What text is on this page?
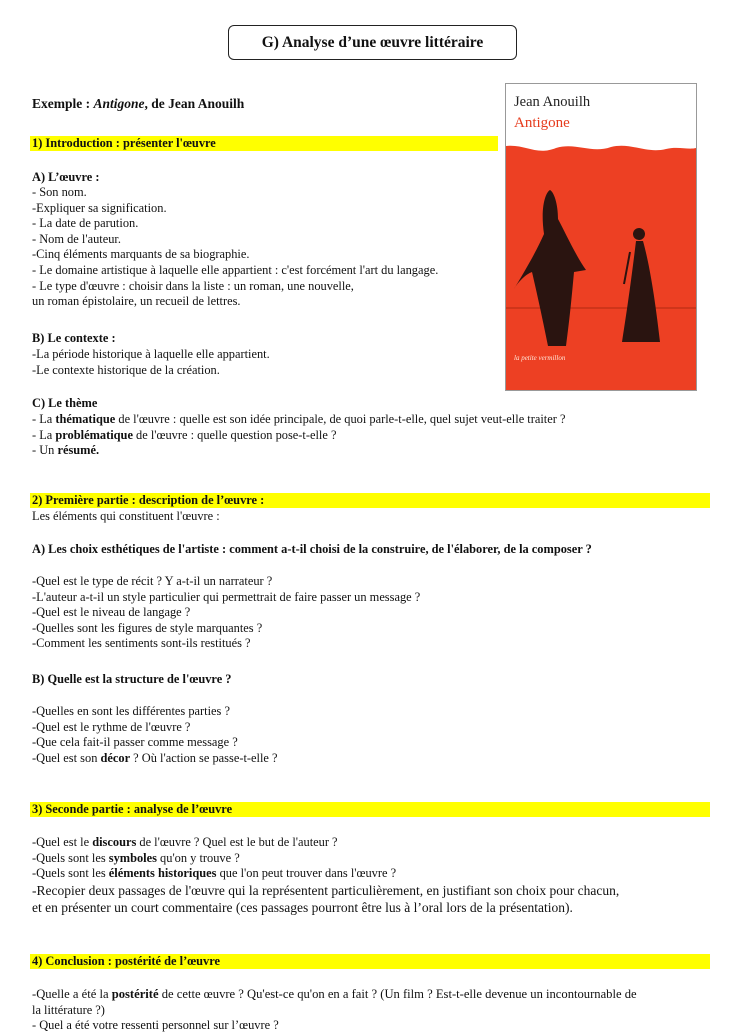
G) Analyse d’une œuvre littéraire
Exemple : Antigone, de Jean Anouilh	Jean Anouilh
Antigone
la petite vermillon
1) Introduction : présenter l'œuvre
A) L’œuvre :
- Son nom.
-Expliquer sa signification.
- La date de parution.
- Nom de l'auteur.
-Cinq éléments marquants de sa biographie.
- Le domaine artistique à laquelle elle appartient : c'est forcément l'art du langage.
- Le type d'œuvre : choisir dans la liste : un roman, une nouvelle,
un roman épistolaire, un recueil de lettres.
B) Le contexte :
-La période historique à laquelle elle appartient.
-Le contexte historique de la création.
C) Le thème
- La thématique de l'œuvre : quelle est son idée principale, de quoi parle-t-elle, quel sujet veut-elle traiter ?
- La problématique de l'œuvre : quelle question pose-t-elle ?
- Un résumé.
2) Première partie : description de l’œuvre :
Les éléments qui constituent l'œuvre :
A) Les choix esthétiques de l'artiste : comment a-t-il choisi de la construire, de l'élaborer, de la composer ?
-Quel est le type de récit ? Y a-t-il un narrateur ?
-L'auteur a-t-il un style particulier qui permettrait de faire passer un message ?
-Quel est le niveau de langage ?
-Quelles sont les figures de style marquantes ?
-Comment les sentiments sont-ils restitués ?
B) Quelle est la structure de l'œuvre ?
-Quelles en sont les différentes parties ?
-Quel est le rythme de l'œuvre ?
-Que cela fait-il passer comme message ?
-Quel est son décor ? Où l'action se passe-t-elle ?
3) Seconde partie : analyse de l’œuvre
-Quel est le discours de l'œuvre ? Quel est le but de l'auteur ?
-Quels sont les symboles qu'on y trouve ?
-Quels sont les éléments historiques que l'on peut trouver dans l'œuvre ?
-Recopier deux passages de l'œuvre qui la représentent particulièrement, en justifiant son choix pour chacun,
et en présenter un court commentaire (ces passages pourront être lus à l’oral lors de la présentation).
4) Conclusion : postérité de l’œuvre
-Quelle a été la postérité de cette œuvre ? Qu'est-ce qu'on en a fait ? (Un film ? Est-t-elle devenue un incontournable de
la littérature ?)
- Quel a été votre ressenti personnel sur l’œuvre ?
